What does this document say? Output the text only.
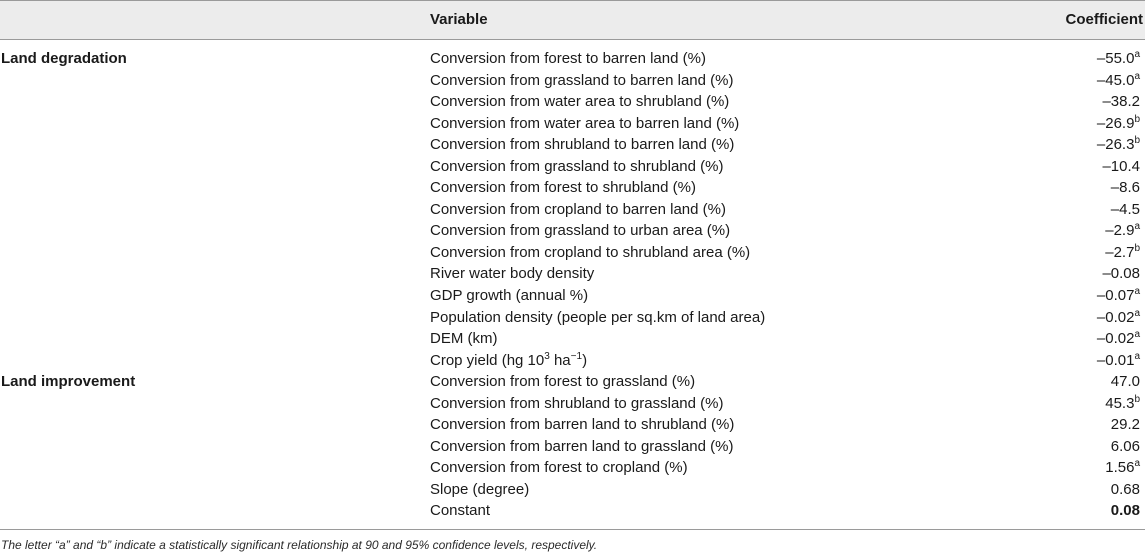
Variable	Coefficient
Land degradation	Conversion from forest to barren land (%)	–55.0$^a$
Conversion from grassland to barren land (%)	–45.0$^a$
Conversion from water area to shrubland (%)	–38.2
Conversion from water area to barren land (%)	–26.9$^b$
Conversion from shrubland to barren land (%)	–26.3$^b$
Conversion from grassland to shrubland (%)	–10.4
Conversion from forest to shrubland (%)	–8.6
Conversion from cropland to barren land (%)	–4.5
Conversion from grassland to urban area (%)	–2.9$^a$
Conversion from cropland to shrubland area (%)	–2.7$^b$
River water body density	–0.08
GDP growth (annual %)	–0.07$^a$
Population density (people per sq.km of land area)	–0.02$^a$
DEM (km)	–0.02$^a$
Crop yield (hg $10^3$ $ha^{-1}$)	–0.01$^a$
Land improvement	Conversion from forest to grassland (%)	47.0
Conversion from shrubland to grassland (%)	45.3$^b$
Conversion from barren land to shrubland (%)	29.2
Conversion from barren land to grassland (%)	6.06
Conversion from forest to cropland (%)	1.56$^a$
Slope (degree)	0.68
Constant	0.08
The letter “a” and “b” indicate a statistically significant relationship at 90 and 95% confidence levels, respectively.
